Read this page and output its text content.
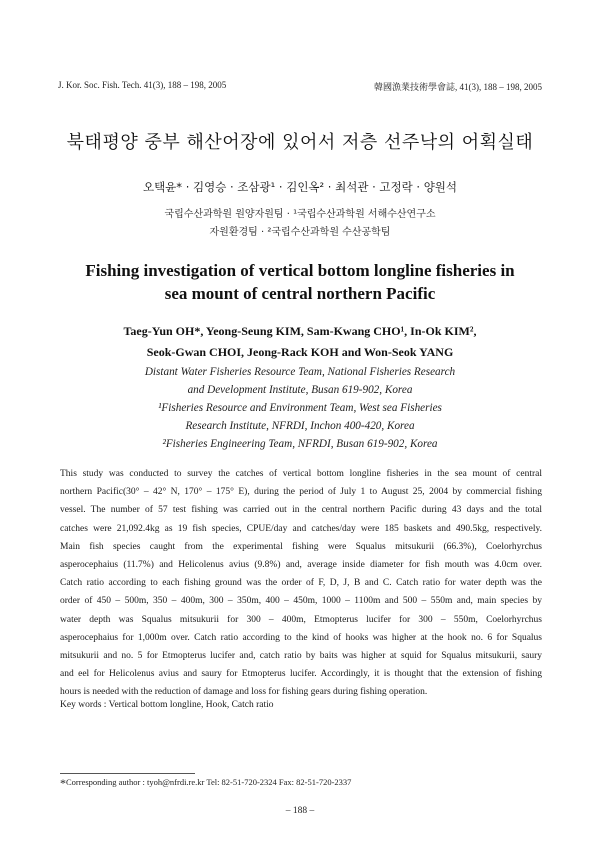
J. Kor. Soc. Fish. Tech. 41(3), 188 – 198, 2005	韓國漁業技術學會誌, 41(3), 188 – 198, 2005
북태평양 중부 해산어장에 있어서 저층 선주낙의 어획실태
오택윤* · 김영승 · 조삼광¹ · 김인옥² · 최석관 · 고정락 · 양원석
국립수산과학원 원양자원팀 · ¹국립수산과학원 서해수산연구소
자원환경팀 · ²국립수산과학원 수산공학팀
Fishing investigation of vertical bottom longline fisheries in
sea mount of central northern Pacific
Taeg-Yun OH*, Yeong-Seung KIM, Sam-Kwang CHO¹, In-Ok KIM²,
Seok-Gwan CHOI, Jeong-Rack KOH and Won-Seok YANG
Distant Water Fisheries Resource Team, National Fisheries Research
and Development Institute, Busan 619-902, Korea
¹Fisheries Resource and Environment Team, West sea Fisheries
Research Institute, NFRDI, Inchon 400-420, Korea
²Fisheries Engineering Team, NFRDI, Busan 619-902, Korea
This study was conducted to survey the catches of vertical bottom longline fisheries in the sea mount of central
northern Pacific(30° – 42° N, 170° – 175° E), during the period of July 1 to August 25, 2004 by commercial fishing
vessel. The number of 57 test fishing was carried out in the central northern Pacific during 43 days and the total
catches were 21,092.4kg as 19 fish species, CPUE/day and catches/day were 185 baskets and 490.5kg, respectively.
Main fish species caught from the experimental fishing were Squalus mitsukurii (66.3%), Coelorhyrchus
asperocephaius (11.7%) and Helicolenus avius (9.8%) and, average inside diameter for fish mouth was 4.0cm over.
Catch ratio according to each fishing ground was the order of F, D, J, B and C. Catch ratio for water depth was the
order of 450 – 500m, 350 – 400m, 300 – 350m, 400 – 450m, 1000 – 1100m and 500 – 550m and, main species by
water depth was Squalus mitsukurii for 300 – 400m, Etmopterus lucifer for 300 – 550m, Coelorhyrchus
asperocephaius for 1,000m over. Catch ratio according to the kind of hooks was higher at the hook no. 6 for Squalus
mitsukurii and no. 5 for Etmopterus lucifer and, catch ratio by baits was higher at squid for Squalus mitsukurii, saury
and eel for Helicolenus avius and saury for Etmopterus lucifer. Accordingly, it is thought that the extension of fishing
hours is needed with the reduction of damage and loss for fishing gears during fishing operation.
Key words : Vertical bottom longline, Hook, Catch ratio
*Corresponding author : tyoh@nfrdi.re.kr Tel: 82-51-720-2324 Fax: 82-51-720-2337
– 188 –
